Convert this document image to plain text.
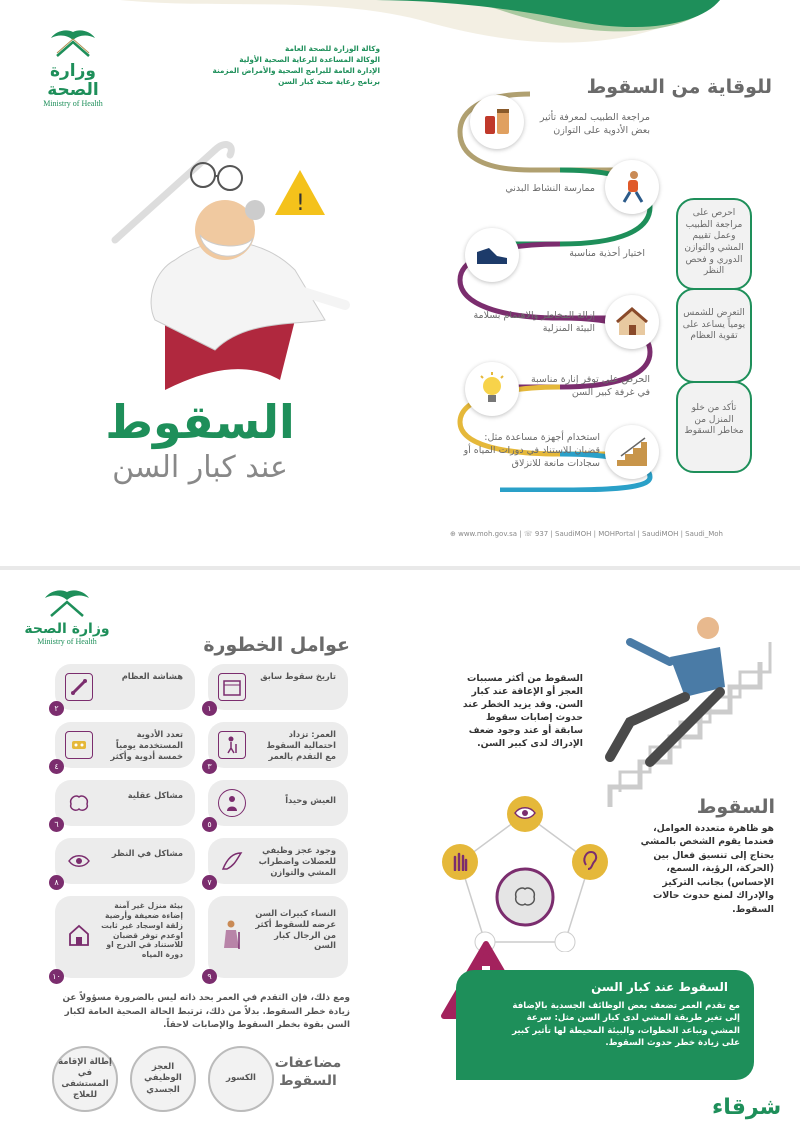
وزارة الصحة
Ministry of Health
وكالة الوزارة للصحة العامة
الوكالة المساعدة للرعاية الصحية الأولية
الإدارة العامة للبرامج الصحية والأمراض المزمنة
برنامج رعاية صحة كبار السن
!
السقوط
عند كبار السن
للوقاية من السقوط
مراجعة الطبيب لمعرفة تأثير بعض الأدوية على التوازن
ممارسة النشاط البدني
اختيار أحذية مناسبة
إزالة المخاطر والاهتمام بسلامة البيئة المنزلية
الحرص على توفر إنارة مناسبة في غرفة كبير السن
استخدام أجهزة مساعدة مثل: قضبان للاستناد في دورات المياه أو سجادات مانعة للانزلاق
احرص على مراجعة الطبيب وعمل تقييم المشي والتوازن الدوري و فحص النظر
التعرض للشمس يومياً يساعد على تقوية العظام
تأكد من خلو المنزل من مخاطر السقوط
⊕ www.moh.gov.sa | ☏ 937 | SaudiMOH | MOHPortal | SaudiMOH | Saudi_Moh
وزارة الصحة
Ministry of Health	عوامل الخطورة
تاريخ سقوط سابق
١
هشاشة العظام
٢
العمر: تزداد احتمالية السقوط مع التقدم بالعمر
٣
تعدد الأدوية المستخدمة يومياً خمسة أدوية وأكثر
٤
العيش وحيداً
٥
مشاكل عقلية
٦
وجود عجز وظيفي للعضلات واضطراب المشي والتوازن
٧
مشاكل في النظر
٨
النساء كبيرات السن عرضه للسقوط أكثر من الرجال كبار السن
٩
بيئة منزل غير آمنة إضاءة ضعيفة وأرضية زلقة اوسجاد غير ثابت اوعدم توفر قضبان للاستناد في الدرج او دورة المياه
١٠
ومع ذلك، فإن التقدم في العمر بحد ذاته ليس بالضرورة مسؤولاً عن زيادة خطر السقوط. بدلاً من ذلك، ترتبط الحالة الصحية العامة لكبار السن بقوة بخطر السقوط والإصابات لاحقاً.
مضاعفات السقوط
الكسور
العجز الوظيفي الجسدي
إطالة الإقامة في المستشفى للعلاج
السقوط من أكثر مسببات العجز أو الإعاقة عند كبار السن. وقد يزيد الخطر عند حدوث إصابات سقوط سابقة أو عند وجود ضعف الإدراك لدى كبير السن.
السقوط
هو ظاهرة متعددة العوامل، فعندما يقوم الشخص بالمشي يحتاج إلى تنسيق فعال بين (الحركة، الرؤية، السمع، الإحساس) بجانب التركيز والإدراك لمنع حدوث حالات السقوط.
السقوط عند كبار السن
مع تقدم العمر تضعف بعض الوظائف الجسدية بالإضافة إلى تغير طريقة المشي لدى كبار السن مثل: سرعة المشي وتباعد الخطوات، والبيئة المحيطة لها تأثير كبير على زيادة خطر حدوث السقوط.
شرقاء
